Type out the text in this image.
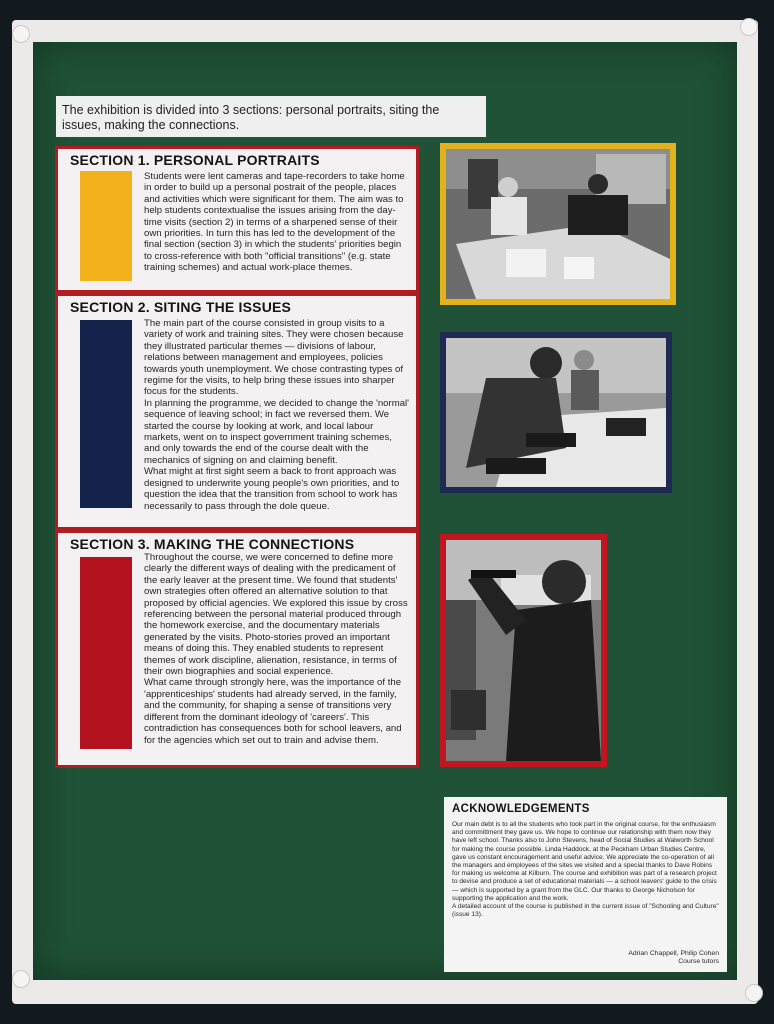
The exhibition is divided into 3 sections: personal portraits, siting the issues, making the connections.
SECTION 1. PERSONAL PORTRAITS
Students were lent cameras and tape-recorders to take home in order to build up a personal postrait of the people, places and activities which were significant for them. The aim was to help students contextualise the issues arising from the day-time visits (section 2) in terms of a sharpened sense of their own priorities. In turn this has led to the development of the final section (section 3) in which the students' priorities begin to cross-reference with both "official transitions" (e.g. state training schemes) and actual work-place themes.
SECTION 2. SITING THE ISSUES
The main part of the course consisted in group visits to a variety of work and training sites. They were chosen because they illustrated particular themes — divisions of labour, relations between management and employees, policies towards youth unemployment. We chose contrasting types of regime for the visits, to help bring these issues into sharper focus for the students.
In planning the programme, we decided to change the 'normal' sequence of leaving school; in fact we reversed them. We started the course by looking at work, and local labour markets, went on to inspect government training schemes, and only towards the end of the course dealt with the mechanics of signing on and claiming benefit.
What might at first sight seem a back to front approach was designed to underwrite young people's own priorities, and to question the idea that the transition from school to work has necessarily to pass through the dole queue.
SECTION 3. MAKING THE CONNECTIONS
Throughout the course, we were concerned to define more clearly the different ways of dealing with the predicament of the early leaver at the present time. We found that students' own strategies often offered an alternative solution to that proposed by official agencies. We explored this issue by cross referencing between the personal material produced through the homework exercise, and the documentary materials generated by the visits. Photo-stories proved an important means of doing this. They enabled students to represent themes of work discipline, alienation, resistance, in terms of their own biographies and social experience.
What came through strongly here, was the importance of the 'apprenticeships' students had already served, in the family, and the community, for shaping a sense of transitions very different from the dominant ideology of 'careers'. This contradiction has consequences both for school leavers, and for the agencies which set out to train and advise them.
ACKNOWLEDGEMENTS
Our main debt is to all the students who took part in the original course, for the enthusiasm and committment they gave us. We hope to continue our relationship with them now they have left school. Thanks also to John Stevens, head of Social Studies at Walworth School for making the course possible. Linda Haddock, at the Peckham Urban Studies Centre, gave us constant encouragement and useful advice. We appreciate the co-operation of all the managers and employees of the sites we visited and a special thanks to Dave Robins for making us welcome at Kilburn. The course and exhibition was part of a research project to devise and produce a set of educational materials — a school leavers' guide to the crisis — which is supported by a grant from the GLC. Our thanks to George Nicholson for supporting the application and the work.
A detailed account of the course is published in the current issue of "Schooling and Culture" (issue 13).
Adrian Chappell, Philip Cohen
Course tutors
